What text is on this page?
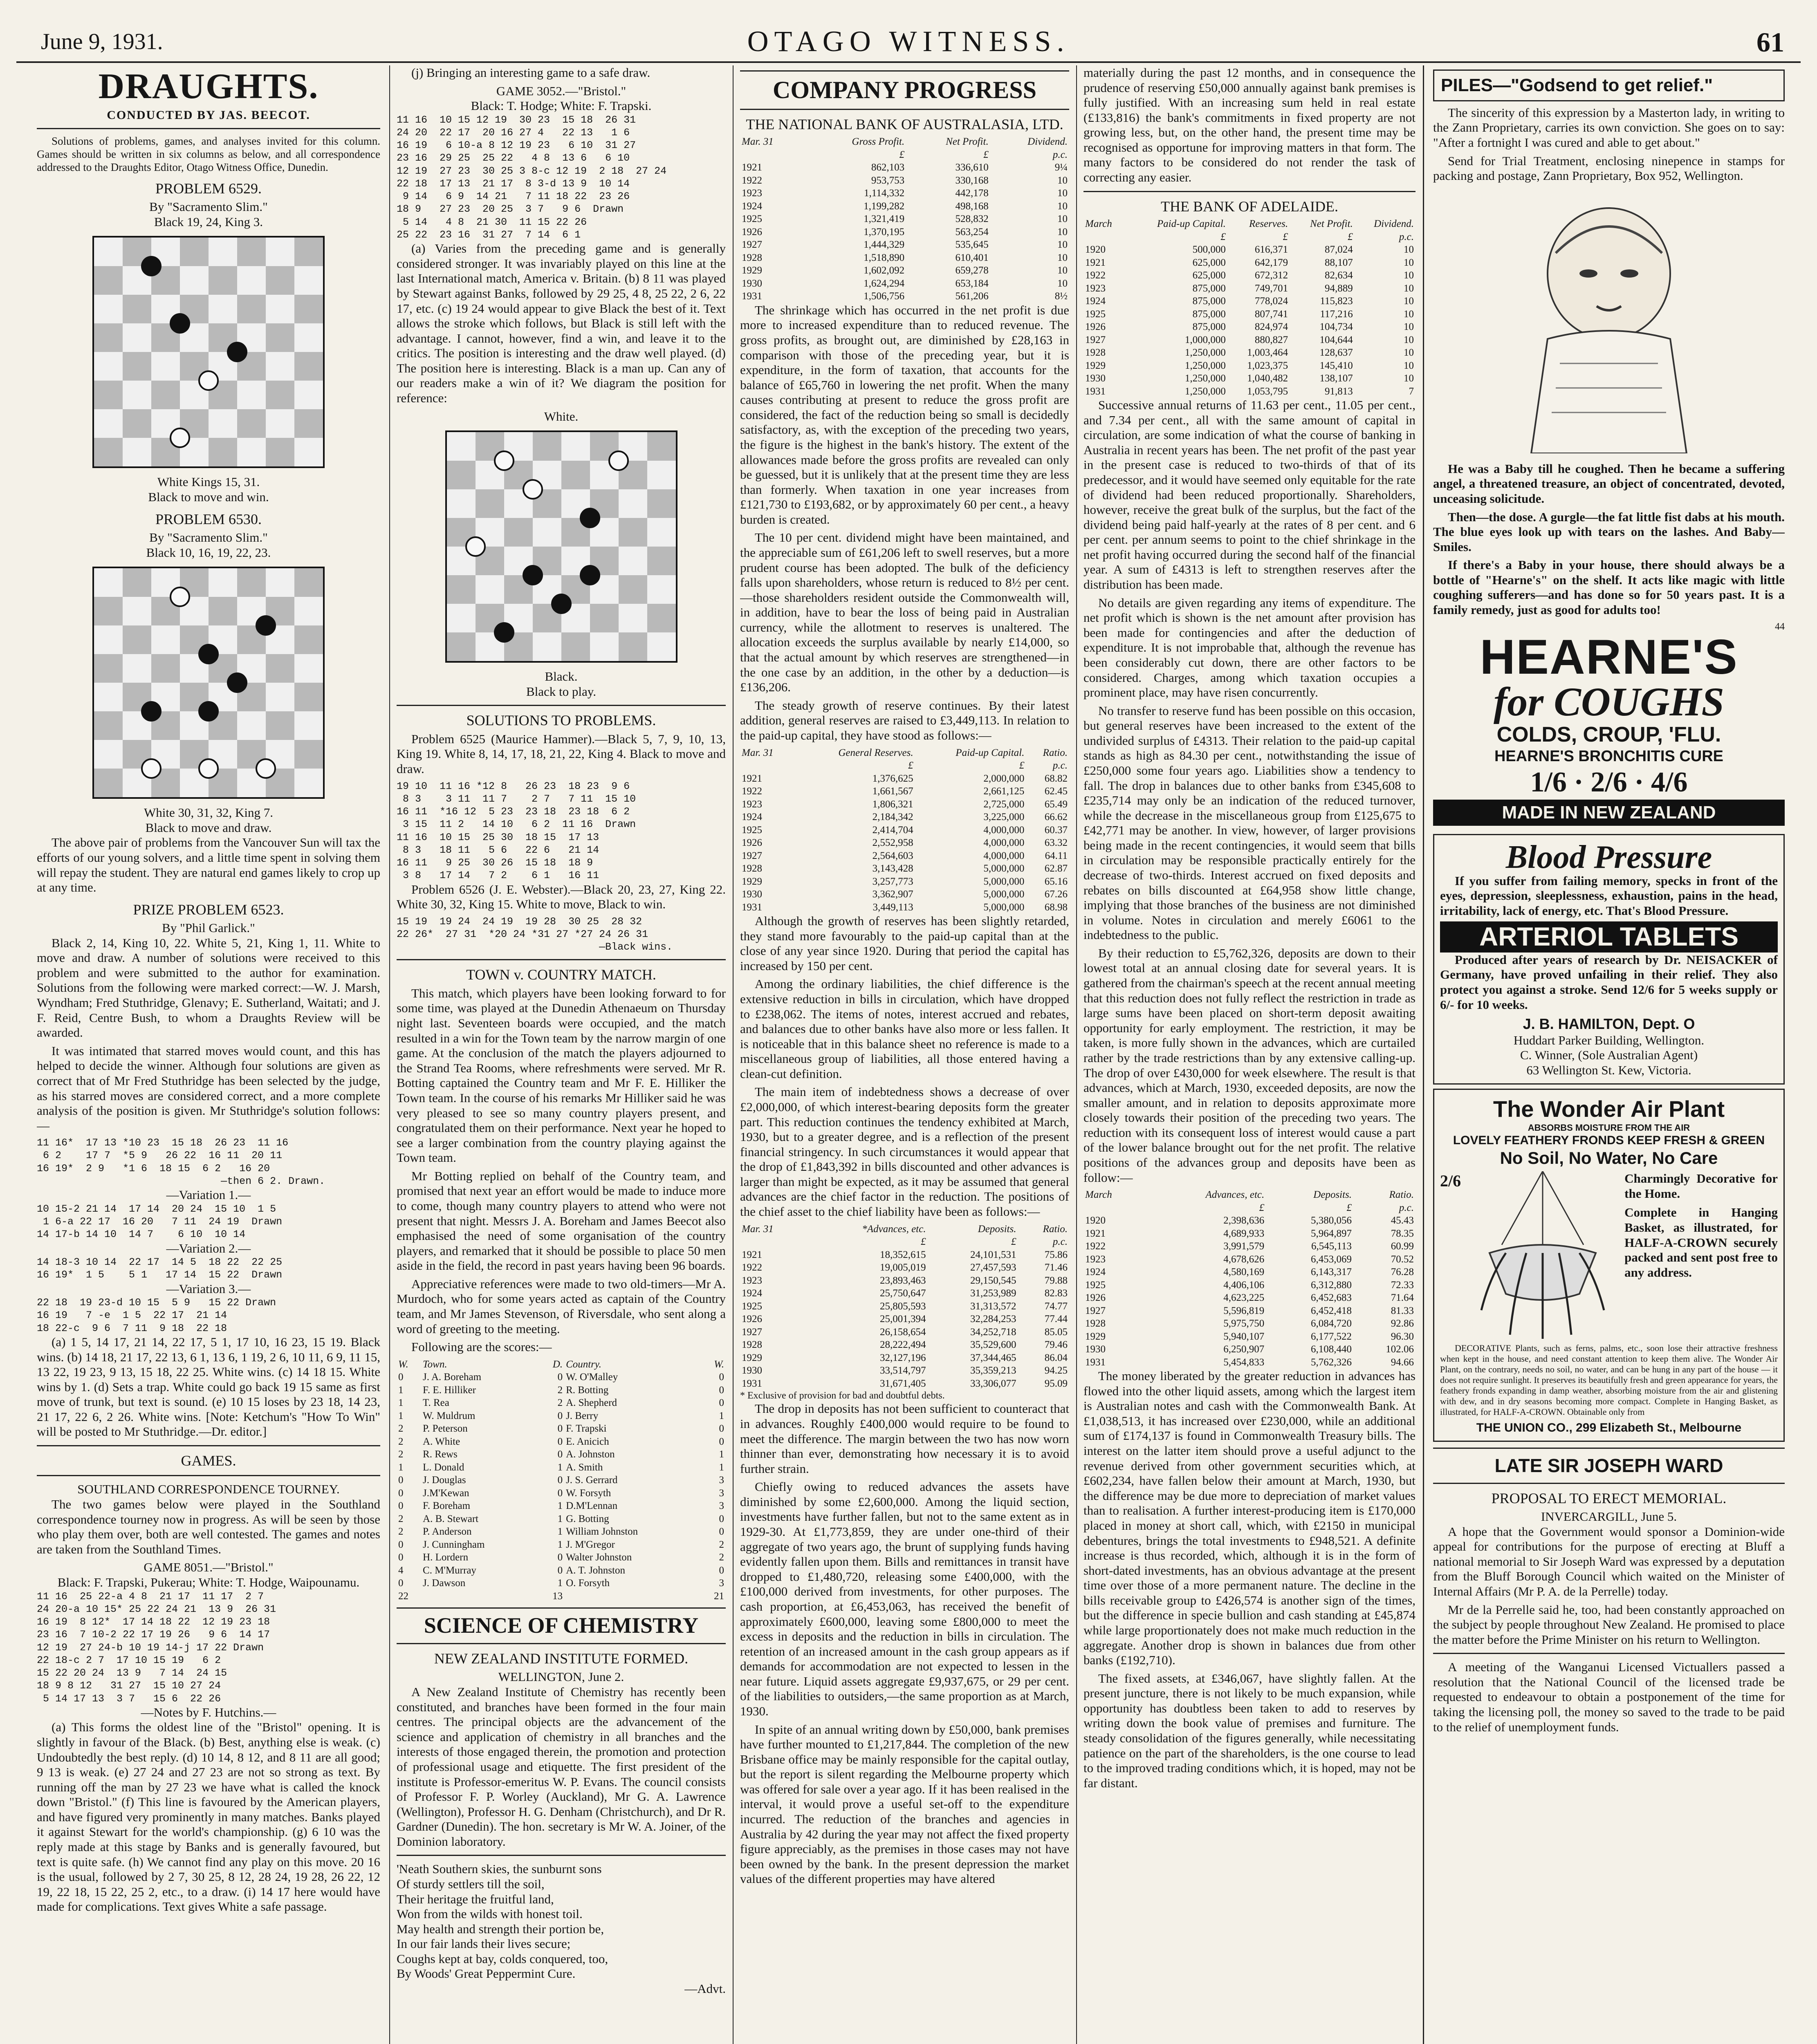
June 9, 1931.	OTAGO WITNESS.	61
DRAUGHTS.
CONDUCTED BY JAS. BEECOT.

Solutions of problems, games, and analyses invited for this column. Games should be written in six columns as below, and all correspondence addressed to the Draughts Editor, Otago Witness Office, Dunedin.

PROBLEM 6529.
By "Sacramento Slim."
Black 19, 24, King 3.
White Kings 15, 31.
Black to move and win.
PROBLEM 6530.
By "Sacramento Slim."
Black 10, 16, 19, 22, 23.
White 30, 31, 32, King 7.
Black to move and draw.

The above pair of problems from the Vancouver Sun will tax the efforts of our young solvers, and a little time spent in solving them will repay the student. They are natural end games likely to crop up at any time.

PRIZE PROBLEM 6523.
By "Phil Garlick."

Black 2, 14, King 10, 22. White 5, 21, King 1, 11. White to move and draw. A number of solutions were received to this problem and were submitted to the author for examination. Solutions from the following were marked correct:—W. J. Marsh, Wyndham; Fred Stuthridge, Glenavy; E. Sutherland, Waitati; and J. F. Reid, Centre Bush, to whom a Draughts Review will be awarded.

It was intimated that starred moves would count, and this has helped to decide the winner. Although four solutions are given as correct that of Mr Fred Stuthridge has been selected by the judge, as his starred moves are considered correct, and a more complete analysis of the position is given. Mr Stuthridge's solution follows:—

11 16*  17 13 *10 23  15 18  26 23  11 16
6 2    17 7  *5 9   26 22  16 11  20 11
16 19*  2 9   *1 6  18 15  6 2   16 20
—then 6 2. Drawn.
—Variation 1.—
10 15-2 21 14  17 14  20 24  15 10  1 5
1 6-a 22 17  16 20   7 11  24 19  Drawn
14 17-b 14 10  14 7    6 10  10 14
—Variation 2.—
14 18-3 10 14  22 17  14 5  18 22  22 25
16 19*  1 5    5 1   17 14  15 22  Drawn
—Variation 3.—
22 18  19 23-d 10 15  5 9   15 22 Drawn
16 19   7 -e  1 5  22 17  21 14
18 22-c  9 6  7 11  9 18  22 18

(a) 1 5, 14 17, 21 14, 22 17, 5 1, 17 10, 16 23, 15 19. Black wins. (b) 14 18, 21 17, 22 13, 6 1, 13 6, 1 19, 2 6, 10 11, 6 9, 11 15, 13 22, 19 23, 9 13, 15 18, 22 25. White wins. (c) 14 18 15. White wins by 1. (d) Sets a trap. White could go back 19 15 same as first move of trunk, but text is sound. (e) 10 15 loses by 23 18, 14 23, 21 17, 22 6, 2 26. White wins. [Note: Ketchum's "How To Win" will be posted to Mr Stuthridge.—Dr. editor.]

GAMES.
SOUTHLAND CORRESPONDENCE TOURNEY.

The two games below were played in the Southland correspondence tourney now in progress. As will be seen by those who play them over, both are well contested. The games and notes are taken from the Southland Times.

GAME 8051.—"Bristol."
Black: F. Trapski, Pukerau; White: T. Hodge, Waipounamu.
11 16  25 22-a 4 8  21 17  11 17  2 7
24 20-a 10 15* 25 22 24 21  13 9  26 31
16 19  8 12*  17 14 18 22  12 19 23 18
23 16  7 10-2 22 17 19 26   9 6  14 17
12 19  27 24-b 10 19 14-j 17 22 Drawn
22 18-c 2 7  17 10 15 19   6 2
15 22 20 24  13 9   7 14  24 15
18 9 8 12   31 27  15 10 27 24
5 14 17 13  3 7   15 6  22 26
—Notes by F. Hutchins.—

(a) This forms the oldest line of the "Bristol" opening. It is slightly in favour of the Black. (b) Best, anything else is weak. (c) Undoubtedly the best reply. (d) 10 14, 8 12, and 8 11 are all good; 9 13 is weak. (e) 27 24 and 27 23 are not so strong as text. By running off the man by 27 23 we have what is called the knock down "Bristol." (f) This line is favoured by the American players, and have figured very prominently in many matches. Banks played it against Stewart for the world's championship. (g) 6 10 was the reply made at this stage by Banks and is generally favoured, but text is quite safe. (h) We cannot find any play on this move. 20 16 is the usual, followed by 2 7, 30 25, 8 12, 28 24, 19 28, 26 22, 12 19, 22 18, 15 22, 25 2, etc., to a draw. (i) 14 17 here would have made for complications. Text gives White a safe passage.

(j) Bringing an interesting game to a safe draw.

GAME 3052.—"Bristol."
Black: T. Hodge; White: F. Trapski.
11 16  10 15 12 19  30 23  15 18  26 31
24 20  22 17  20 16 27 4   22 13   1 6
16 19   6 10-a 8 12 19 23   6 10  31 27
23 16  29 25  25 22   4 8  13 6   6 10
12 19  27 23  30 25 3 8-c 12 19  2 18  27 24
22 18  17 13  21 17  8 3-d 13 9  10 14
9 14   6 9  14 21   7 11 18 22  23 26
18 9   27 23  20 25  3 7   9 6  Drawn
5 14   4 8  21 30  11 15 22 26
25 22  23 16  31 27  7 14  6 1

(a) Varies from the preceding game and is generally considered stronger. It was invariably played on this line at the last International match, America v. Britain. (b) 8 11 was played by Stewart against Banks, followed by 29 25, 4 8, 25 22, 2 6, 22 17, etc. (c) 19 24 would appear to give Black the best of it. Text allows the stroke which follows, but Black is still left with the advantage. I cannot, however, find a win, and leave it to the critics. The position is interesting and the draw well played. (d) The position here is interesting. Black is a man up. Can any of our readers make a win of it? We diagram the position for reference:

White.
Black.
Black to play.
SOLUTIONS TO PROBLEMS.

Problem 6525 (Maurice Hammer).—Black 5, 7, 9, 10, 13, King 19. White 8, 14, 17, 18, 21, 22, King 4. Black to move and draw.

19 10  11 16 *12 8   26 23  18 23  9 6
8 3    3 11  11 7    2 7   7 11  15 10
16 11  *16 12  5 23  23 18  23 18  6 2
3 15  11 2   14 10   6 2  11 16  Drawn
11 16  10 15  25 30  18 15  17 13
8 3   18 11   5 6   22 6   21 14
16 11   9 25  30 26  15 18  18 9
3 8   17 14   7 2    6 1   16 11

Problem 6526 (J. E. Webster).—Black 20, 23, 27, King 22. White 30, 32, King 15. White to move, Black to win.

15 19  19 24  24 19  19 28  30 25  28 32
22 26*  27 31  *20 24 *31 27 *27 24 26 31
—Black wins.
TOWN v. COUNTRY MATCH.

This match, which players have been looking forward to for some time, was played at the Dunedin Athenaeum on Thursday night last. Seventeen boards were occupied, and the match resulted in a win for the Town team by the narrow margin of one game. At the conclusion of the match the players adjourned to the Strand Tea Rooms, where refreshments were served. Mr R. Botting captained the Country team and Mr F. E. Hilliker the Town team. In the course of his remarks Mr Hilliker said he was very pleased to see so many country players present, and congratulated them on their performance. Next year he hoped to see a larger combination from the country playing against the Town team.

Mr Botting replied on behalf of the Country team, and promised that next year an effort would be made to induce more to come, though many country players to attend who were not present that night. Messrs J. A. Boreham and James Beecot also emphasised the need of some organisation of the country players, and remarked that it should be possible to place 50 men aside in the field, the record in past years having been 96 boards.

Appreciative references were made to two old-timers—Mr A. Murdoch, who for some years acted as captain of the Country team, and Mr James Stevenson, of Riversdale, who sent along a word of greeting to the meeting.

Following are the scores:—

W.	Town.	D.	Country.	W.
0	J. A. Boreham	0	W. O'Malley	0
1	F. E. Hilliker	2	R. Botting	0
1	T. Rea	2	A. Shepherd	0
1	W. Muldrum	0	J. Berry	1
2	P. Peterson	0	F. Trapski	0
2	A. White	0	E. Anicich	0
2	R. Rews	0	A. Johnston	1
1	L. Donald	1	A. Smith	1
0	J. Douglas	0	J. S. Gerrard	3
0	J.M'Kewan	0	W. Forsyth	3
0	F. Boreham	1	D.M'Lennan	3
2	A. B. Stewart	1	G. Botting	0
2	P. Anderson	1	William Johnston	0
0	J. Cunningham	1	J. M'Gregor	2
0	H. Lordern	0	Walter Johnston	2
4	C. M'Murray	0	A. T. Johnston	0
0	J. Dawson	1	O. Forsyth	3
22		13		21
SCIENCE OF CHEMISTRY
NEW ZEALAND INSTITUTE FORMED.
WELLINGTON, June 2.

A New Zealand Institute of Chemistry has recently been constituted, and branches have been formed in the four main centres. The principal objects are the advancement of the science and application of chemistry in all branches and the interests of those engaged therein, the promotion and protection of professional usage and etiquette. The first president of the institute is Professor-emeritus W. P. Evans. The council consists of Professor F. P. Worley (Auckland), Mr G. A. Lawrence (Wellington), Professor H. G. Denham (Christchurch), and Dr R. Gardner (Dunedin). The hon. secretary is Mr W. A. Joiner, of the Dominion laboratory.

'Neath Southern skies, the sunburnt sons
Of sturdy settlers till the soil,
Their heritage the fruitful land,
Won from the wilds with honest toil.
May health and strength their portion be,
In our fair lands their lives secure;
Coughs kept at bay, colds conquered, too,
By Woods' Great Peppermint Cure.
—Advt.
COMPANY PROGRESS
THE NATIONAL BANK OF AUSTRALASIA, LTD.
Mar. 31	Gross Profit.	Net Profit.	Dividend.
	£	£	p.c.
1921	862,103	336,610	9¼
1922	953,753	330,168	10
1923	1,114,332	442,178	10
1924	1,199,282	498,168	10
1925	1,321,419	528,832	10
1926	1,370,195	563,254	10
1927	1,444,329	535,645	10
1928	1,518,890	610,401	10
1929	1,602,092	659,278	10
1930	1,624,294	653,184	10
1931	1,506,756	561,206	8½

The shrinkage which has occurred in the net profit is due more to increased expenditure than to reduced revenue. The gross profits, as brought out, are diminished by £28,163 in comparison with those of the preceding year, but it is expenditure, in the form of taxation, that accounts for the balance of £65,760 in lowering the net profit. When the many causes contributing at present to reduce the gross profit are considered, the fact of the reduction being so small is decidedly satisfactory, as, with the exception of the preceding two years, the figure is the highest in the bank's history. The extent of the allowances made before the gross profits are revealed can only be guessed, but it is unlikely that at the present time they are less than formerly. When taxation in one year increases from £121,730 to £193,682, or by approximately 60 per cent., a heavy burden is created.

The 10 per cent. dividend might have been maintained, and the appreciable sum of £61,206 left to swell reserves, but a more prudent course has been adopted. The bulk of the deficiency falls upon shareholders, whose return is reduced to 8½ per cent.—those shareholders resident outside the Commonwealth will, in addition, have to bear the loss of being paid in Australian currency, while the allotment to reserves is unaltered. The allocation exceeds the surplus available by nearly £14,000, so that the actual amount by which reserves are strengthened—in the one case by an addition, in the other by a deduction—is £136,206.

The steady growth of reserve continues. By their latest addition, general reserves are raised to £3,449,113. In relation to the paid-up capital, they have stood as follows:—

Mar. 31	General Reserves.	Paid-up Capital.	Ratio.
	£	£	p.c.
1921	1,376,625	2,000,000	68.82
1922	1,661,567	2,661,125	62.45
1923	1,806,321	2,725,000	65.49
1924	2,184,342	3,225,000	66.62
1925	2,414,704	4,000,000	60.37
1926	2,552,958	4,000,000	63.32
1927	2,564,603	4,000,000	64.11
1928	3,143,428	5,000,000	62.87
1929	3,257,773	5,000,000	65.16
1930	3,362,907	5,000,000	67.26
1931	3,449,113	5,000,000	68.98

Although the growth of reserves has been slightly retarded, they stand more favourably to the paid-up capital than at the close of any year since 1920. During that period the capital has increased by 150 per cent.

Among the ordinary liabilities, the chief difference is the extensive reduction in bills in circulation, which have dropped to £238,062. The items of notes, interest accrued and rebates, and balances due to other banks have also more or less fallen. It is noticeable that in this balance sheet no reference is made to a miscellaneous group of liabilities, all those entered having a clean-cut definition.

The main item of indebtedness shows a decrease of over £2,000,000, of which interest-bearing deposits form the greater part. This reduction continues the tendency exhibited at March, 1930, but to a greater degree, and is a reflection of the present financial stringency. In such circumstances it would appear that the drop of £1,843,392 in bills discounted and other advances is larger than might be expected, as it may be assumed that general advances are the chief factor in the reduction. The positions of the chief asset to the chief liability have been as follows:—

Mar. 31	*Advances, etc.	Deposits.	Ratio.
	£	£	p.c.
1921	18,352,615	24,101,531	75.86
1922	19,005,019	27,457,593	71.46
1923	23,893,463	29,150,545	79.88
1924	25,750,647	31,253,989	82.83
1925	25,805,593	31,313,572	74.77
1926	25,001,394	32,284,253	77.44
1927	26,158,654	34,252,718	85.05
1928	28,222,494	35,529,600	79.46
1929	32,127,196	37,344,465	86.04
1930	33,514,797	35,359,213	94.25
1931	31,671,405	33,306,077	95.09
* Exclusive of provision for bad and doubtful debts.

The drop in deposits has not been sufficient to counteract that in advances. Roughly £400,000 would require to be found to meet the difference. The margin between the two has now worn thinner than ever, demonstrating how necessary it is to avoid further strain.

Chiefly owing to reduced advances the assets have diminished by some £2,600,000. Among the liquid section, investments have further fallen, but not to the same extent as in 1929-30. At £1,773,859, they are under one-third of their aggregate of two years ago, the brunt of supplying funds having evidently fallen upon them. Bills and remittances in transit have dropped to £1,480,720, releasing some £400,000, with the £100,000 derived from investments, for other purposes. The cash proportion, at £6,453,063, has received the benefit of approximately £600,000, leaving some £800,000 to meet the excess in deposits and the reduction in bills in circulation. The retention of an increased amount in the cash group appears as if demands for accommodation are not expected to lessen in the near future. Liquid assets aggregate £9,937,675, or 29 per cent. of the liabilities to outsiders,—the same proportion as at March, 1930.

In spite of an annual writing down by £50,000, bank premises have further mounted to £1,217,844. The completion of the new Brisbane office may be mainly responsible for the capital outlay, but the report is silent regarding the Melbourne property which was offered for sale over a year ago. If it has been realised in the interval, it would prove a useful set-off to the expenditure incurred. The reduction of the branches and agencies in Australia by 42 during the year may not affect the fixed property figure appreciably, as the premises in those cases may not have been owned by the bank. In the present depression the market values of the different properties may have altered

materially during the past 12 months, and in consequence the prudence of reserving £50,000 annually against bank premises is fully justified. With an increasing sum held in real estate (£133,816) the bank's commitments in fixed property are not growing less, but, on the other hand, the present time may be recognised as opportune for improving matters in that form. The many factors to be considered do not render the task of correcting any easier.

THE BANK OF ADELAIDE.
March	Paid-up Capital.	Reserves.	Net Profit.	Dividend.
	£	£	£	p.c.
1920	500,000	616,371	87,024	10
1921	625,000	642,179	88,107	10
1922	625,000	672,312	82,634	10
1923	875,000	749,701	94,889	10
1924	875,000	778,024	115,823	10
1925	875,000	807,741	117,216	10
1926	875,000	824,974	104,734	10
1927	1,000,000	880,827	104,644	10
1928	1,250,000	1,003,464	128,637	10
1929	1,250,000	1,023,375	145,410	10
1930	1,250,000	1,040,482	138,107	10
1931	1,250,000	1,053,795	91,813	7

Successive annual returns of 11.63 per cent., 11.05 per cent., and 7.34 per cent., all with the same amount of capital in circulation, are some indication of what the course of banking in Australia in recent years has been. The net profit of the past year in the present case is reduced to two-thirds of that of its predecessor, and it would have seemed only equitable for the rate of dividend had been reduced proportionally. Shareholders, however, receive the great bulk of the surplus, but the fact of the dividend being paid half-yearly at the rates of 8 per cent. and 6 per cent. per annum seems to point to the chief shrinkage in the net profit having occurred during the second half of the financial year. A sum of £4313 is left to strengthen reserves after the distribution has been made.

No details are given regarding any items of expenditure. The net profit which is shown is the net amount after provision has been made for contingencies and after the deduction of expenditure. It is not improbable that, although the revenue has been considerably cut down, there are other factors to be considered. Charges, among which taxation occupies a prominent place, may have risen concurrently.

No transfer to reserve fund has been possible on this occasion, but general reserves have been increased to the extent of the undivided surplus of £4313. Their relation to the paid-up capital stands as high as 84.30 per cent., notwithstanding the issue of £250,000 some four years ago. Liabilities show a tendency to fall. The drop in balances due to other banks from £345,608 to £235,714 may only be an indication of the reduced turnover, while the decrease in the miscellaneous group from £125,675 to £42,771 may be another. In view, however, of larger provisions being made in the recent contingencies, it would seem that bills in circulation may be responsible practically entirely for the decrease of two-thirds. Interest accrued on fixed deposits and rebates on bills discounted at £64,958 show little change, implying that those branches of the business are not diminished in volume. Notes in circulation and merely £6061 to the indebtedness to the public.

By their reduction to £5,762,326, deposits are down to their lowest total at an annual closing date for several years. It is gathered from the chairman's speech at the recent annual meeting that this reduction does not fully reflect the restriction in trade as large sums have been placed on short-term deposit awaiting opportunity for early employment. The restriction, it may be taken, is more fully shown in the advances, which are curtailed rather by the trade restrictions than by any extensive calling-up. The drop of over £430,000 for week elsewhere. The result is that advances, which at March, 1930, exceeded deposits, are now the smaller amount, and in relation to deposits approximate more closely towards their position of the preceding two years. The reduction with its consequent loss of interest would cause a part of the lower balance brought out for the net profit. The relative positions of the advances group and deposits have been as follow:—

March	Advances, etc.	Deposits.	Ratio.
	£	£	p.c.
1920	2,398,636	5,380,056	45.43
1921	4,689,933	5,964,897	78.35
1922	3,991,579	6,545,113	60.99
1923	4,678,626	6,453,069	70.52
1924	4,580,169	6,143,317	76.28
1925	4,406,106	6,312,880	72.33
1926	4,623,225	6,452,683	71.64
1927	5,596,819	6,452,418	81.33
1928	5,975,750	6,084,720	92.86
1929	5,940,107	6,177,522	96.30
1930	6,250,907	6,108,440	102.06
1931	5,454,833	5,762,326	94.66

The money liberated by the greater reduction in advances has flowed into the other liquid assets, among which the largest item is Australian notes and cash with the Commonwealth Bank. At £1,038,513, it has increased over £230,000, while an additional sum of £174,137 is found in Commonwealth Treasury bills. The interest on the latter item should prove a useful adjunct to the revenue derived from other government securities which, at £602,234, have fallen below their amount at March, 1930, but the difference may be due more to depreciation of market values than to realisation. A further interest-producing item is £170,000 placed in money at short call, which, with £2150 in municipal debentures, brings the total investments to £948,521. A definite increase is thus recorded, which, although it is in the form of short-dated investments, has an obvious advantage at the present time over those of a more permanent nature. The decline in the bills receivable group to £426,574 is another sign of the times, but the difference in specie bullion and cash standing at £45,874 while large proportionately does not make much reduction in the aggregate. Another drop is shown in balances due from other banks (£192,710).

The fixed assets, at £346,067, have slightly fallen. At the present juncture, there is not likely to be much expansion, while opportunity has doubtless been taken to add to reserves by writing down the book value of premises and furniture. The steady consolidation of the figures generally, while necessitating patience on the part of the shareholders, is the one course to lead to the improved trading conditions which, it is hoped, may not be far distant.

PILES—"Godsend to get relief."

The sincerity of this expression by a Masterton lady, in writing to the Zann Proprietary, carries its own conviction. She goes on to say: "After a fortnight I was cured and able to get about."

Send for Trial Treatment, enclosing ninepence in stamps for packing and postage, Zann Proprietary, Box 952, Wellington.

He was a Baby till he coughed. Then he became a suffering angel, a threatened treasure, an object of concentrated, devoted, unceasing solicitude.

Then—the dose. A gurgle—the fat little fist dabs at his mouth. The blue eyes look up with tears on the lashes. And Baby—Smiles.

If there's a Baby in your house, there should always be a bottle of "Hearne's" on the shelf. It acts like magic with little coughing sufferers—and has done so for 50 years past. It is a family remedy, just as good for adults too!

44
HEARNE'S
for COUGHS
COLDS, CROUP, 'FLU.
HEARNE'S BRONCHITIS CURE
1/6 · 2/6 · 4/6
MADE IN NEW ZEALAND
Blood Pressure

If you suffer from failing memory, specks in front of the eyes, depression, sleeplessness, exhaustion, pains in the head, irritability, lack of energy, etc. That's Blood Pressure.

ARTERIOL TABLETS

Produced after years of research by Dr. NEISACKER of Germany, have proved unfailing in their relief. They also protect you against a stroke. Send 12/6 for 5 weeks supply or 6/- for 10 weeks.

J. B. HAMILTON, Dept. O
Huddart Parker Building, Wellington.
C. Winner, (Sole Australian Agent)
63 Wellington St. Kew, Victoria.
The Wonder Air Plant
ABSORBS MOISTURE FROM THE AIR
LOVELY FEATHERY FRONDS KEEP FRESH & GREEN
No Soil, No Water, No Care
2/6	Charmingly Decorative for the Home.
Complete in Hanging Basket, as illustrated, for HALF-A-CROWN securely packed and sent post free to any address.

DECORATIVE Plants, such as ferns, palms, etc., soon lose their attractive freshness when kept in the house, and need constant attention to keep them alive. The Wonder Air Plant, on the contrary, needs no soil, no water, and can be hung in any part of the house — it does not require sunlight. It preserves its beautifully fresh and green appearance for years, the feathery fronds expanding in damp weather, absorbing moisture from the air and glistening with dew, and in dry seasons becoming more compact. Complete in Hanging Basket, as illustrated, for HALF-A-CROWN. Obtainable only from

THE UNION CO., 299 Elizabeth St., Melbourne
LATE SIR JOSEPH WARD
PROPOSAL TO ERECT MEMORIAL.
INVERCARGILL, June 5.

A hope that the Government would sponsor a Dominion-wide appeal for contributions for the purpose of erecting at Bluff a national memorial to Sir Joseph Ward was expressed by a deputation from the Bluff Borough Council which waited on the Minister of Internal Affairs (Mr P. A. de la Perrelle) today.

Mr de la Perrelle said he, too, had been constantly approached on the subject by people throughout New Zealand. He promised to place the matter before the Prime Minister on his return to Wellington.

A meeting of the Wanganui Licensed Victuallers passed a resolution that the National Council of the licensed trade be requested to endeavour to obtain a postponement of the time for taking the licensing poll, the money so saved to the trade to be paid to the relief of unemployment funds.
